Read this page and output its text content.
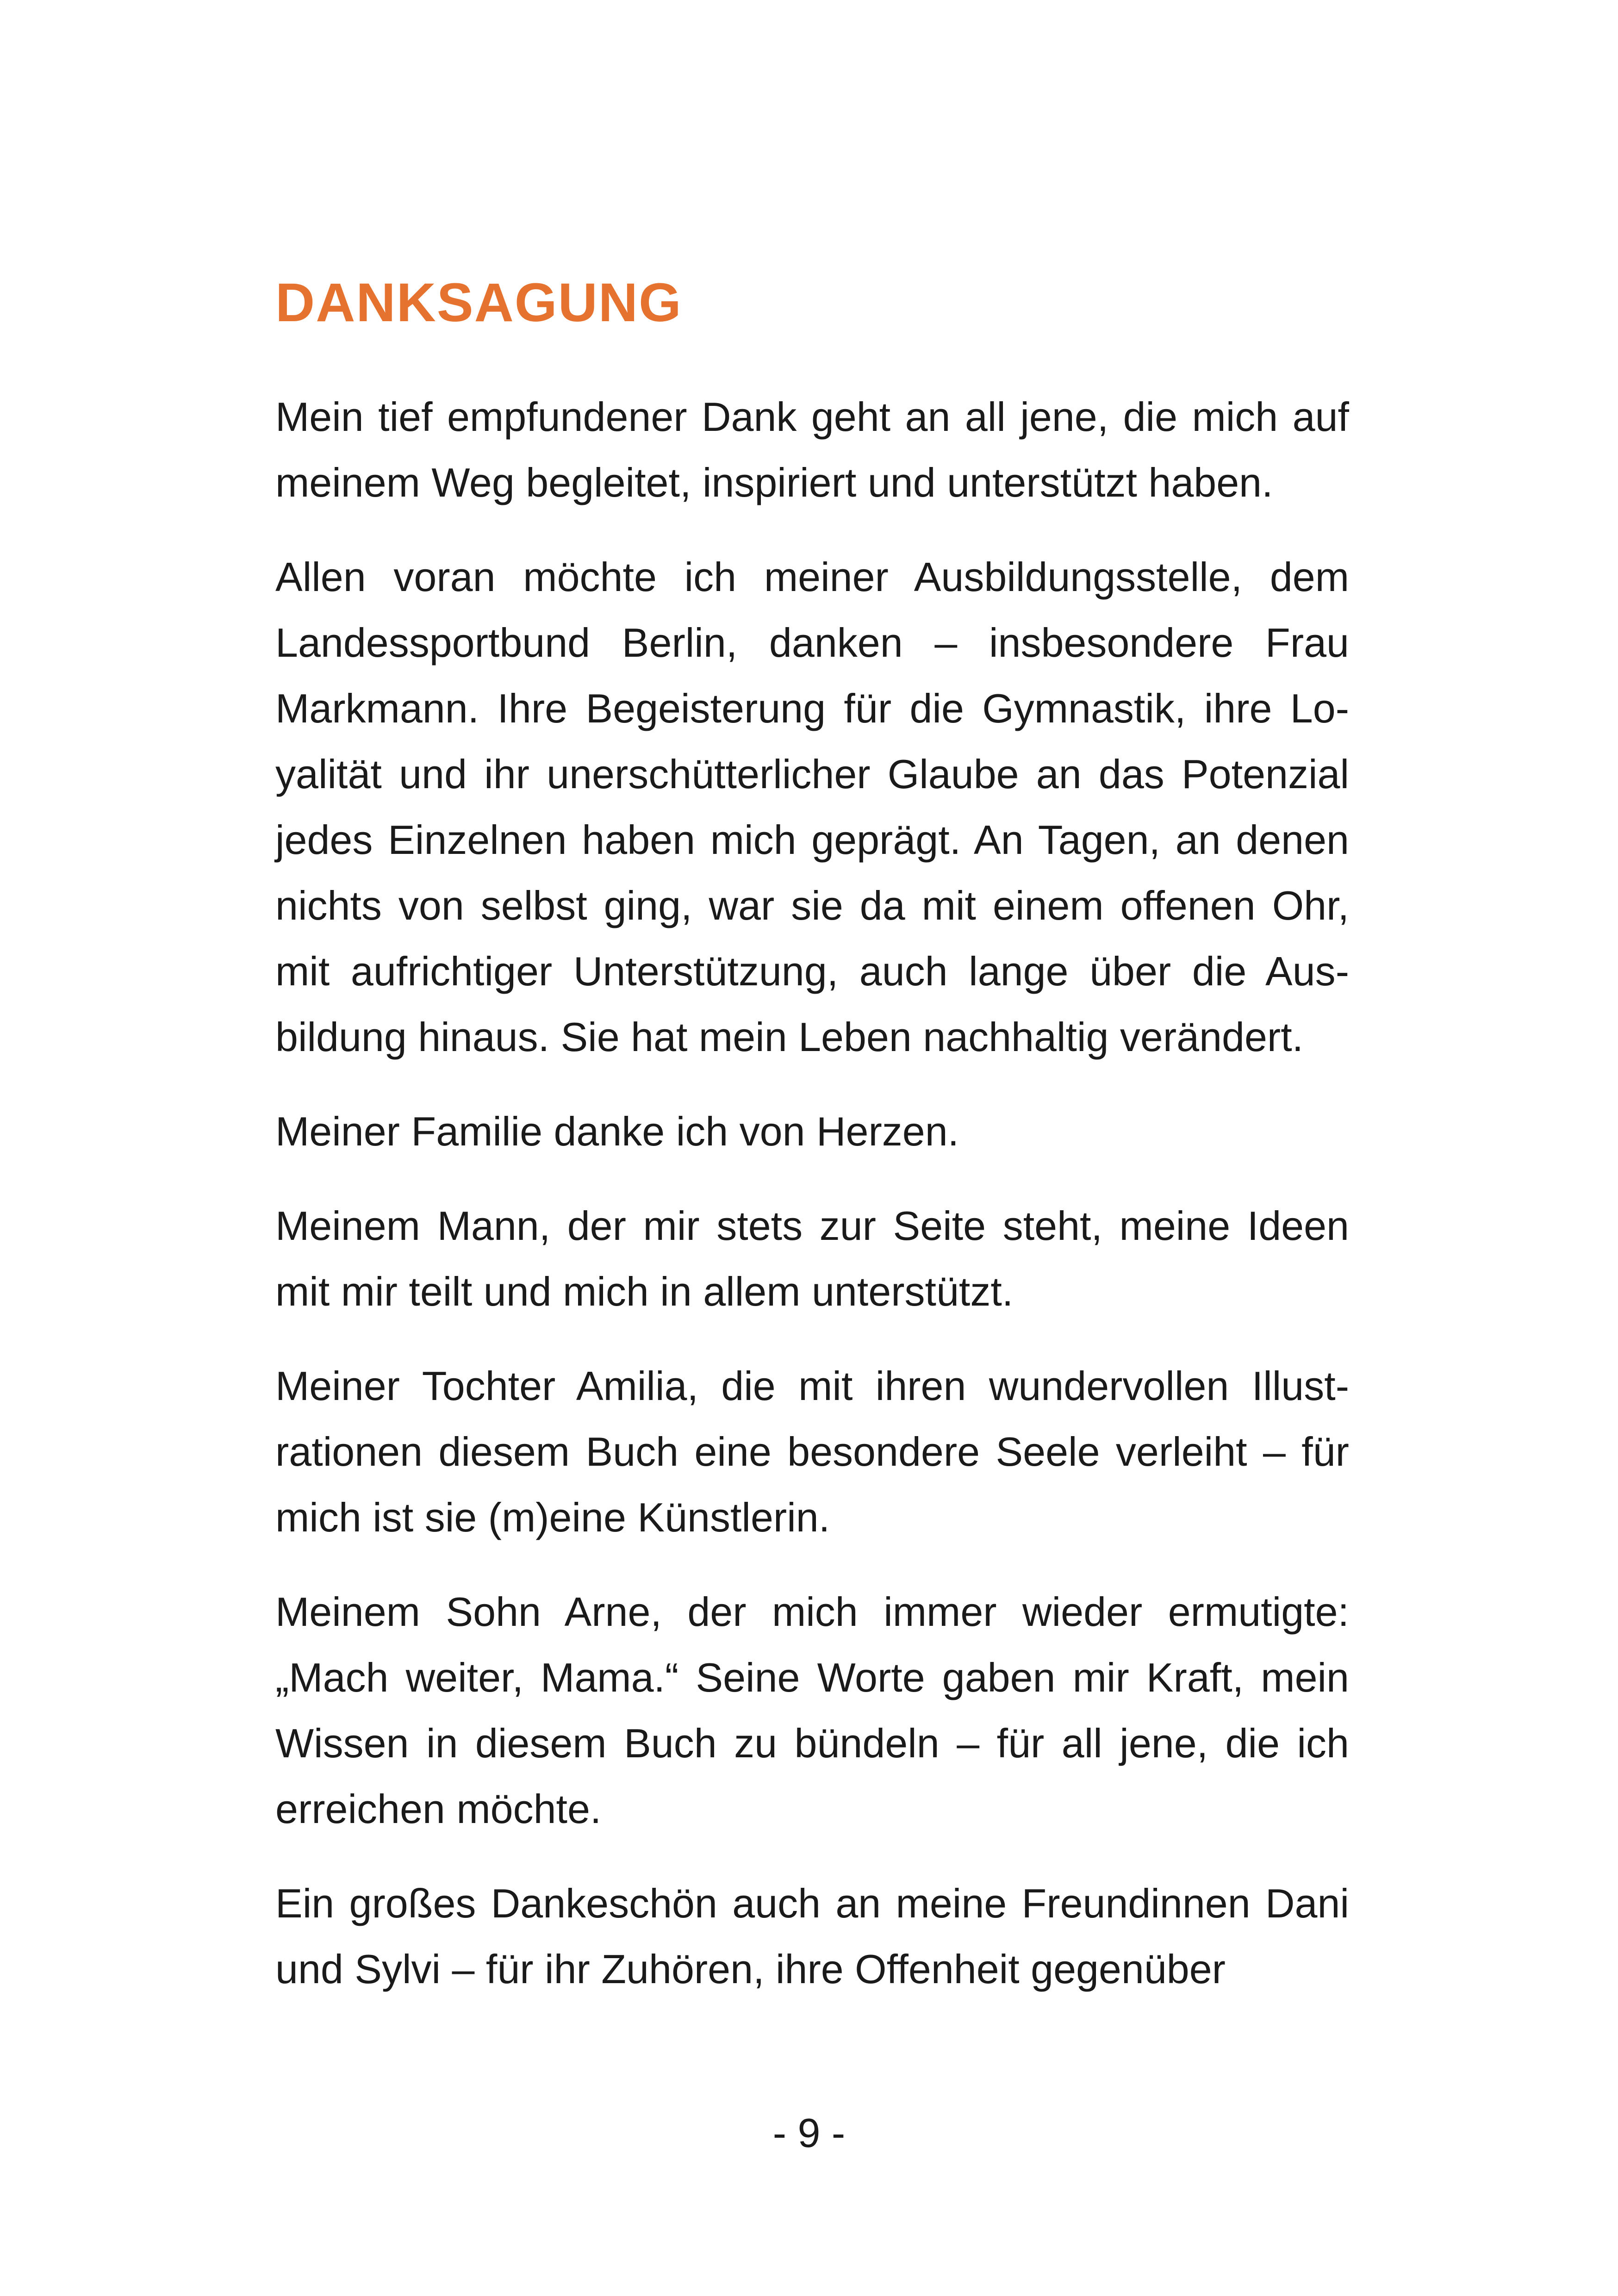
DANKSAGUNG

Mein tief empfundener Dank geht an all jene, die mich auf meinem Weg begleitet, inspiriert und unterstützt haben.

Allen voran möchte ich meiner Ausbildungsstelle, dem Landessportbund Berlin, danken – insbesondere Frau Markmann. Ihre Begeisterung für die Gymnastik, ihre Loyalität und ihr unerschütterlicher Glaube an das Potenzial jedes Einzelnen haben mich geprägt. An Tagen, an denen nichts von selbst ging, war sie da mit einem offenen Ohr, mit aufrichtiger Unterstützung, auch lange über die Ausbildung hinaus. Sie hat mein Leben nachhaltig verändert.

Meiner Familie danke ich von Herzen.

Meinem Mann, der mir stets zur Seite steht, meine Ideen mit mir teilt und mich in allem unterstützt.

Meiner Tochter Amilia, die mit ihren wundervollen Illustrationen diesem Buch eine besondere Seele verleiht – für mich ist sie (m)eine Künstlerin.

Meinem Sohn Arne, der mich immer wieder ermutigte: „Mach weiter, Mama.“ Seine Worte gaben mir Kraft, mein Wissen in diesem Buch zu bündeln – für all jene, die ich erreichen möchte.

Ein großes Dankeschön auch an meine Freundinnen Dani und Sylvi – für ihr Zuhören, ihre Offenheit gegenüber

- 9 -
